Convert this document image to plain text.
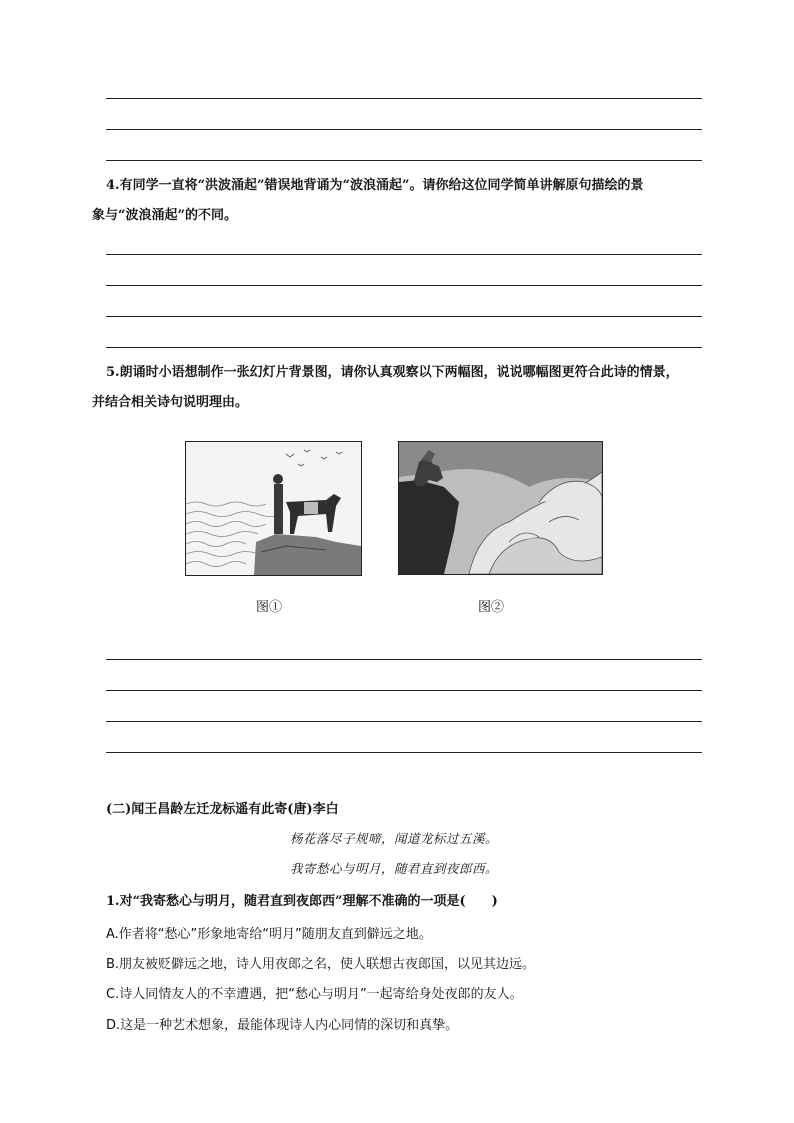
4.有同学一直将“洪波涌起”错误地背诵为“波浪涌起”。请你给这位同学简单讲解原句描绘的景
象与“波浪涌起”的不同。
5.朗诵时小语想制作一张幻灯片背景图，请你认真观察以下两幅图，说说哪幅图更符合此诗的情景，
并结合相关诗句说明理由。
图①	图②
(二)闻王昌龄左迁龙标遥有此寄(唐)李白
杨花落尽子规啼，闻道龙标过五溪。
我寄愁心与明月，随君直到夜郎西。
1.对“我寄愁心与明月，随君直到夜郎西”理解不准确的一项是(　　)
A.作者将“愁心”形象地寄给“明月”随朋友直到僻远之地。
B.朋友被贬僻远之地，诗人用夜郎之名，使人联想古夜郎国，以见其边远。
C.诗人同情友人的不幸遭遇，把“愁心与明月”一起寄给身处夜郎的友人。
D.这是一种艺术想象，最能体现诗人内心同情的深切和真挚。
